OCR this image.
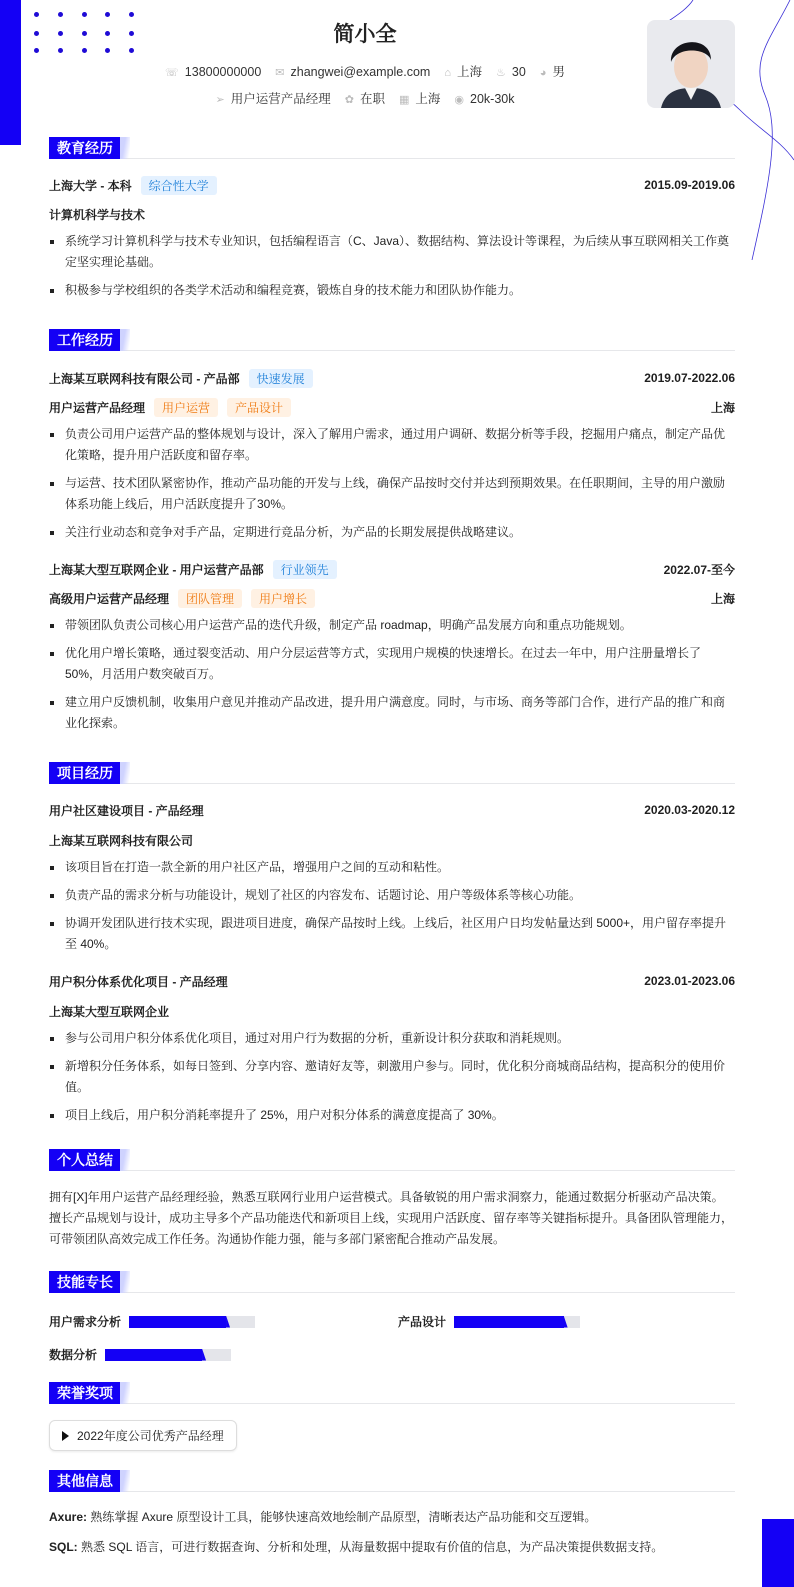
简小全
☏ 13800000000 ✉ zhangwei@example.com ⌂ 上海 ♨ 30 ◕ 男
➢ 用户运营产品经理 ✿ 在职 ▦ 上海 ◉ 20k-30k
教育经历
上海大学 - 本科	综合性大学	2015.09-2019.06
计算机科学与技术
系统学习计算机科学与技术专业知识，包括编程语言（C、Java）、数据结构、算法设计等课程，为后续从事互联网相关工作奠定坚实理论基础。
积极参与学校组织的各类学术活动和编程竞赛，锻炼自身的技术能力和团队协作能力。
工作经历
上海某互联网科技有限公司 - 产品部	快速发展	2019.07-2022.06
用户运营产品经理	用户运营	产品设计	上海
负责公司用户运营产品的整体规划与设计，深入了解用户需求，通过用户调研、数据分析等手段，挖掘用户痛点，制定产品优化策略，提升用户活跃度和留存率。
与运营、技术团队紧密协作，推动产品功能的开发与上线，确保产品按时交付并达到预期效果。在任职期间，主导的用户激励体系功能上线后，用户活跃度提升了30%。
关注行业动态和竞争对手产品，定期进行竞品分析，为产品的长期发展提供战略建议。
上海某大型互联网企业 - 用户运营产品部	行业领先	2022.07-至今
高级用户运营产品经理	团队管理	用户增长	上海
带领团队负责公司核心用户运营产品的迭代升级，制定产品 roadmap，明确产品发展方向和重点功能规划。
优化用户增长策略，通过裂变活动、用户分层运营等方式，实现用户规模的快速增长。在过去一年中，用户注册量增长了50%，月活用户数突破百万。
建立用户反馈机制，收集用户意见并推动产品改进，提升用户满意度。同时，与市场、商务等部门合作，进行产品的推广和商业化探索。
项目经历
用户社区建设项目 - 产品经理	2020.03-2020.12
上海某互联网科技有限公司
该项目旨在打造一款全新的用户社区产品，增强用户之间的互动和粘性。
负责产品的需求分析与功能设计，规划了社区的内容发布、话题讨论、用户等级体系等核心功能。
协调开发团队进行技术实现，跟进项目进度，确保产品按时上线。上线后，社区用户日均发帖量达到 5000+，用户留存率提升至 40%。
用户积分体系优化项目 - 产品经理	2023.01-2023.06
上海某大型互联网企业
参与公司用户积分体系优化项目，通过对用户行为数据的分析，重新设计积分获取和消耗规则。
新增积分任务体系，如每日签到、分享内容、邀请好友等，刺激用户参与。同时，优化积分商城商品结构，提高积分的使用价值。
项目上线后，用户积分消耗率提升了 25%，用户对积分体系的满意度提高了 30%。
个人总结
拥有[X]年用户运营产品经理经验，熟悉互联网行业用户运营模式。具备敏锐的用户需求洞察力，能通过数据分析驱动产品决策。擅长产品规划与设计，成功主导多个产品功能迭代和新项目上线，实现用户活跃度、留存率等关键指标提升。具备团队管理能力，可带领团队高效完成工作任务。沟通协作能力强，能与多部门紧密配合推动产品发展。
技能专长
用户需求分析	产品设计
数据分析
荣誉奖项
2022年度公司优秀产品经理
其他信息
Axure: 熟练掌握 Axure 原型设计工具，能够快速高效地绘制产品原型，清晰表达产品功能和交互逻辑。
SQL: 熟悉 SQL 语言，可进行数据查询、分析和处理，从海量数据中提取有价值的信息，为产品决策提供数据支持。
